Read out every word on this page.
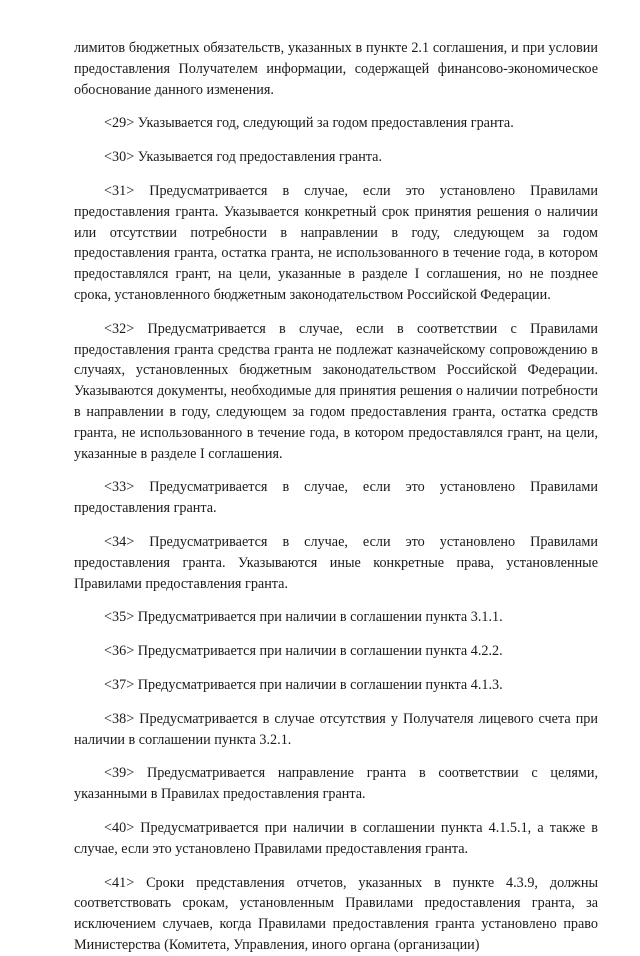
лимитов бюджетных обязательств, указанных в пункте 2.1 соглашения, и при условии предоставления Получателем информации, содержащей финансово-экономическое обоснование данного изменения.

<29> Указывается год, следующий за годом предоставления гранта.

<30> Указывается год предоставления гранта.

<31> Предусматривается в случае, если это установлено Правилами предоставления гранта. Указывается конкретный срок принятия решения о наличии или отсутствии потребности в направлении в году, следующем за годом предоставления гранта, остатка гранта, не использованного в течение года, в котором предоставлялся грант, на цели, указанные в разделе I соглашения, но не позднее срока, установленного бюджетным законодательством Российской Федерации.

<32> Предусматривается в случае, если в соответствии с Правилами предоставления гранта средства гранта не подлежат казначейскому сопровождению в случаях, установленных бюджетным законодательством Российской Федерации. Указываются документы, необходимые для принятия решения о наличии потребности в направлении в году, следующем за годом предоставления гранта, остатка средств гранта, не использованного в течение года, в котором предоставлялся грант, на цели, указанные в разделе I соглашения.

<33> Предусматривается в случае, если это установлено Правилами предоставления гранта.

<34> Предусматривается в случае, если это установлено Правилами предоставления гранта. Указываются иные конкретные права, установленные Правилами предоставления гранта.

<35> Предусматривается при наличии в соглашении пункта 3.1.1.

<36> Предусматривается при наличии в соглашении пункта 4.2.2.

<37> Предусматривается при наличии в соглашении пункта 4.1.3.

<38> Предусматривается в случае отсутствия у Получателя лицевого счета при наличии в соглашении пункта 3.2.1.

<39> Предусматривается направление гранта в соответствии с целями, указанными в Правилах предоставления гранта.

<40> Предусматривается при наличии в соглашении пункта 4.1.5.1, а также в случае, если это установлено Правилами предоставления гранта.

<41> Сроки представления отчетов, указанных в пункте 4.3.9, должны соответствовать срокам, установленным Правилами предоставления гранта, за исключением случаев, когда Правилами предоставления гранта установлено право Министерства (Комитета, Управления, иного органа (организации)
